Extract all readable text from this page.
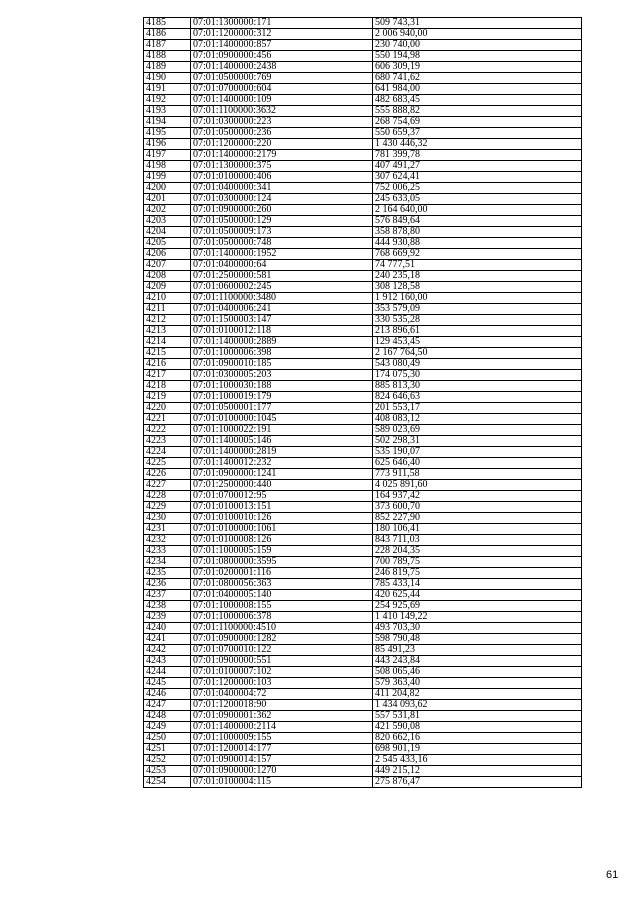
4185	07:01:1300000:171	509 743,31
4186	07:01:1200000:312	2 006 940,00
4187	07:01:1400000:857	230 740,00
4188	07:01:0900000:456	550 194,98
4189	07:01:1400000:2438	606 309,19
4190	07:01:0500000:769	680 741,62
4191	07:01:0700000:604	641 984,00
4192	07:01:1400000:109	482 683,45
4193	07:01:1100000:3632	555 888,82
4194	07:01:0300000:223	268 754,69
4195	07:01:0500000:236	550 659,37
4196	07:01:1200000:220	1 430 446,32
4197	07:01:1400000:2179	781 399,78
4198	07:01:1300000:375	407 491,27
4199	07:01:0100000:406	307 624,41
4200	07:01:0400000:341	752 006,25
4201	07:01:0300000:124	245 633,05
4202	07:01:0900000:260	2 164 640,00
4203	07:01:0500000:129	576 849,64
4204	07:01:0500009:173	358 878,80
4205	07:01:0500000:748	444 930,88
4206	07:01:1400000:1952	768 669,92
4207	07:01:0400000:64	74 777,51
4208	07:01:2500000:581	240 235,18
4209	07:01:0600002:245	308 128,58
4210	07:01:1100000:3480	1 912 160,00
4211	07:01:0400006:241	353 579,09
4212	07:01:1500003:147	330 535,28
4213	07:01:0100012:118	213 896,61
4214	07:01:1400000:2889	129 453,45
4215	07:01:1000006:398	2 167 764,50
4216	07:01:0900010:185	543 080,49
4217	07:01:0300005:203	174 075,30
4218	07:01:1000030:188	885 813,30
4219	07:01:1000019:179	824 646,63
4220	07:01:0500001:177	201 553,17
4221	07:01:0100000:1045	408 083,12
4222	07:01:1000022:191	589 023,69
4223	07:01:1400005:146	502 298,31
4224	07:01:1400000:2819	535 190,07
4225	07:01:1400012:232	625 646,40
4226	07:01:0900000:1241	773 911,58
4227	07:01:2500000:440	4 025 891,60
4228	07:01:0700012:95	164 937,42
4229	07:01:0100013:151	373 600,70
4230	07:01:0100010:126	852 227,90
4231	07:01:0100000:1061	180 106,41
4232	07:01:0100008:126	843 711,03
4233	07:01:1000005:159	228 204,35
4234	07:01:0800000:3595	700 789,75
4235	07:01:0200001:116	246 819,75
4236	07:01:0800056:363	785 433,14
4237	07:01:0400005:140	420 625,44
4238	07:01:1000008:155	254 925,69
4239	07:01:1000006:378	1 410 149,22
4240	07:01:1100000:4510	493 703,30
4241	07:01:0900000:1282	598 790,48
4242	07:01:0700010:122	85 491,23
4243	07:01:0900000:551	443 243,84
4244	07:01:0100007:102	508 065,46
4245	07:01:1200000:103	579 363,40
4246	07:01:0400004:72	411 204,82
4247	07:01:1200018:90	1 434 093,62
4248	07:01:0900001:362	557 531,81
4249	07:01:1400000:2114	421 590,08
4250	07:01:1000009:155	820 662,16
4251	07:01:1200014:177	698 901,19
4252	07:01:0900014:157	2 545 433,16
4253	07:01:0900000:1270	449 215,12
4254	07:01:0100004:115	275 876,47
61
